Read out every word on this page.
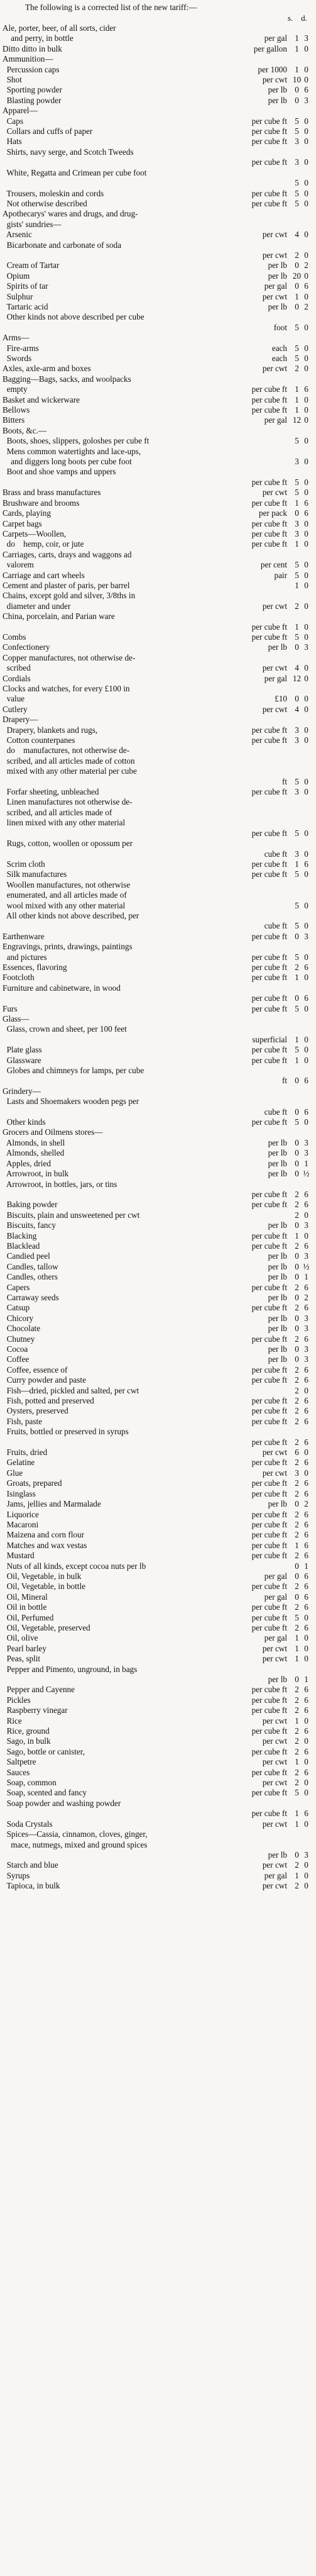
The following is a corrected list of the new tariff:—

s. d.
Ale, porter, beer, of all sorts, cider			
and perry, in bottle	per gal	1	3
Ditto ditto in bulk	per gallon	1	0
Ammunition—			
Percussion caps	per 1000	1	0
Shot	per cwt	10	0
Sporting powder	per lb	0	6
Blasting powder	per lb	0	3
Apparel—			
Caps	per cube ft	5	0
Collars and cuffs of paper	per cube ft	5	0
Hats	per cube ft	3	0
Shirts, navy serge, and Scotch Tweeds			
	per cube ft	3	0
White, Regatta and Crimean per cube foot			
		5	0
Trousers, moleskin and cords	per cube ft	5	0
Not otherwise described	per cube ft	5	0
Apothecarys' wares and drugs, and drug-			
gists' sundries—			
Arsenic	per cwt	4	0
Bicarbonate and carbonate of soda			
	per cwt	2	0
Cream of Tartar	per lb	0	2
Opium	per lb	20	0
Spirits of tar	per gal	0	6
Sulphur	per cwt	1	0
Tartaric acid	per lb	0	2
Other kinds not above described per cube			
	foot	5	0
Arms—			
Fire-arms	each	5	0
Swords	each	5	0
Axles, axle-arm and boxes	per cwt	2	0
Bagging—Bags, sacks, and woolpacks			
empty	per cube ft	1	6
Basket and wickerware	per cube ft	1	0
Bellows	per cube ft	1	0
Bitters	per gal	12	0
Boots, &c.—			
Boots, shoes, slippers, goloshes per cube ft		5	0
Mens common watertights and lace-ups,			
and diggers long boots per cube foot		3	0
Boot and shoe vamps and uppers			
	per cube ft	5	0
Brass and brass manufactures	per cwt	5	0
Brushware and brooms	per cube ft	1	6
Cards, playing	per pack	0	6
Carpet bags	per cube ft	3	0
Carpets—Woollen,	per cube ft	3	0
do    hemp, coir, or jute	per cube ft	1	0
Carriages, carts, drays and waggons ad			
valorem	per cent	5	0
Carriage and cart wheels	pair	5	0
Cement and plaster of paris, per barrel		1	0
Chains, except gold and silver, 3/8ths in			
diameter and under	per cwt	2	0
China, porcelain, and Parian ware			
	per cube ft	1	0
Combs	per cube ft	5	0
Confectionery	per lb	0	3
Copper manufactures, not otherwise de-			
scribed	per cwt	4	0
Cordials	per gal	12	0
Clocks and watches, for every £100 in			
value	£10	0	0
Cutlery	per cwt	4	0
Drapery—			
Drapery, blankets and rugs,	per cube ft	3	0
Cotton counterpanes	per cube ft	3	0
do    manufactures, not otherwise de-			
scribed, and all articles made of cotton			
mixed with any other material per cube			
	ft	5	0
Forfar sheeting, unbleached	per cube ft	3	0
Linen manufactures not otherwise de-			
scribed, and all articles made of			
linen mixed with any other material			
	per cube ft	5	0
Rugs, cotton, woollen or opossum per			
	cube ft	3	0
Scrim cloth	per cube ft	1	6
Silk manufactures	per cube ft	5	0
Woollen manufactures, not otherwise			
enumerated, and all articles made of			
wool mixed with any other material		5	0
All other kinds not above described, per			
	cube ft	5	0
Earthenware	per cube ft	0	3
Engravings, prints, drawings, paintings			
and pictures	per cube ft	5	0
Essences, flavoring	per cube ft	2	6
Footcloth	per cube ft	1	0
Furniture and cabinetware, in wood			
	per cube ft	0	6
Furs	per cube ft	5	0
Glass—			
Glass, crown and sheet, per 100 feet			
	superficial	1	0
Plate glass	per cube ft	5	0
Glassware	per cube ft	1	0
Globes and chimneys for lamps, per cube			
	ft	0	6
Grindery—			
Lasts and Shoemakers wooden pegs per			
	cube ft	0	6
Other kinds	per cube ft	5	0
Grocers and Oilmens stores—			
Almonds, in shell	per lb	0	3
Almonds, shelled	per lb	0	3
Apples, dried	per lb	0	1
Arrowroot, in bulk	per lb	0	½
Arrowroot, in bottles, jars, or tins			
	per cube ft	2	6
Baking powder	per cube ft	2	6
Biscuits, plain and unsweetened per cwt		2	0
Biscuits, fancy	per lb	0	3
Blacking	per cube ft	1	0
Blacklead	per cube ft	2	6
Candied peel	per lb	0	3
Candles, tallow	per lb	0	½
Candles, others	per lb	0	1
Capers	per cube ft	2	6
Carraway seeds	per lb	0	2
Catsup	per cube ft	2	6
Chicory	per lb	0	3
Chocolate	per lb	0	3
Chutney	per cube ft	2	6
Cocoa	per lb	0	3
Coffee	per lb	0	3
Coffee, essence of	per cube ft	2	6
Curry powder and paste	per cube ft	2	6
Fish—dried, pickled and salted, per cwt		2	0
Fish, potted and preserved	per cube ft	2	6
Oysters, preserved	per cube ft	2	6
Fish, paste	per cube ft	2	6
Fruits, bottled or preserved in syrups			
	per cube ft	2	6
Fruits, dried	per cwt	6	0
Gelatine	per cube ft	2	6
Glue	per cwt	3	0
Groats, prepared	per cube ft	2	6
Isinglass	per cube ft	2	6
Jams, jellies and Marmalade	per lb	0	2
Liquorice	per cube ft	2	6
Macaroni	per cube ft	2	6
Maizena and corn flour	per cube ft	2	6
Matches and wax vestas	per cube ft	1	6
Mustard	per cube ft	2	6
Nuts of all kinds, except cocoa nuts per lb		0	1
Oil, Vegetable, in bulk	per gal	0	6
Oil, Vegetable, in bottle	per cube ft	2	6
Oil, Mineral	per gal	0	6
Oil in bottle	per cube ft	2	6
Oil, Perfumed	per cube ft	5	0
Oil, Vegetable, preserved	per cube ft	2	6
Oil, olive	per gal	1	0
Pearl barley	per cwt	1	0
Peas, split	per cwt	1	0
Pepper and Pimento, unground, in bags			
	per lb	0	1
Pepper and Cayenne	per cube ft	2	6
Pickles	per cube ft	2	6
Raspberry vinegar	per cube ft	2	6
Rice	per cwt	1	0
Rice, ground	per cube ft	2	6
Sago, in bulk	per cwt	2	0
Sago, bottle or canister,	per cube ft	2	6
Saltpetre	per cwt	1	0
Sauces	per cube ft	2	6
Soap, common	per cwt	2	0
Soap, scented and fancy	per cube ft	5	0
Soap powder and washing powder			
	per cube ft	1	6
Soda Crystals	per cwt	1	0
Spices—Cassia, cinnamon, cloves, ginger,			
mace, nutmegs, mixed and ground spices			
	per lb	0	3
Starch and blue	per cwt	2	0
Syrups	per gal	1	0
Tapioca, in bulk	per cwt	2	0
